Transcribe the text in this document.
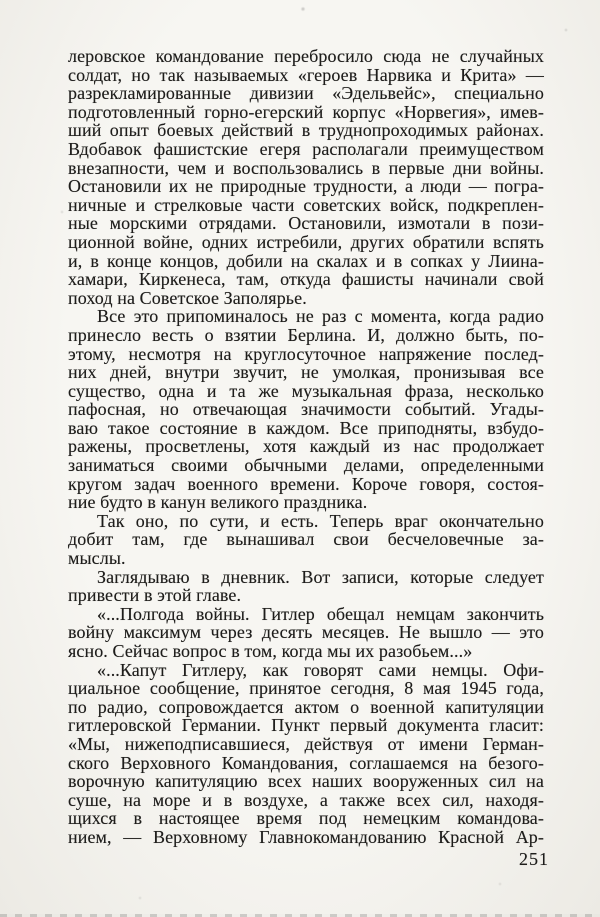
леровское командование перебросило сюда не случайных
солдат, но так называемых «героев Нарвика и Крита» —
разрекламированные дивизии «Эдельвейс», специально
подготовленный горно-егерский корпус «Норвегия», имев-
ший опыт боевых действий в труднопроходимых районах.
Вдобавок фашистские егеря располагали преимуществом
внезапности, чем и воспользовались в первые дни войны.
Остановили их не природные трудности, а люди — погра-
ничные и стрелковые части советских войск, подкреплен-
ные морскими отрядами. Остановили, измотали в пози-
ционной войне, одних истребили, других обратили вспять
и, в конце концов, добили на скалах и в сопках у Лиина-
хамари, Киркенеса, там, откуда фашисты начинали свой
поход на Советское Заполярье.
Все это припоминалось не раз с момента, когда радио
принесло весть о взятии Берлина. И, должно быть, по-
этому, несмотря на круглосуточное напряжение послед-
них дней, внутри звучит, не умолкая, пронизывая все
существо, одна и та же музыкальная фраза, несколько
пафосная, но отвечающая значимости событий. Угады-
ваю такое состояние в каждом. Все приподняты, взбудо-
ражены, просветлены, хотя каждый из нас продолжает
заниматься своими обычными делами, определенными
кругом задач военного времени. Короче говоря, состоя-
ние будто в канун великого праздника.
Так оно, по сути, и есть. Теперь враг окончательно
добит там, где вынашивал свои бесчеловечные за-
мыслы.
Заглядываю в дневник. Вот записи, которые следует
привести в этой главе.
«...Полгода войны. Гитлер обещал немцам закончить
войну максимум через десять месяцев. Не вышло — это
ясно. Сейчас вопрос в том, когда мы их разобьем...»
«...Капут Гитлеру, как говорят сами немцы. Офи-
циальное сообщение, принятое сегодня, 8 мая 1945 года,
по радио, сопровождается актом о военной капитуляции
гитлеровской Германии. Пункт первый документа гласит:
«Мы, нижеподписавшиеся, действуя от имени Герман-
ского Верховного Командования, соглашаемся на безого-
ворочную капитуляцию всех наших вооруженных сил на
суше, на море и в воздухе, а также всех сил, находя-
щихся в настоящее время под немецким командова-
нием, — Верховному Главнокомандованию Красной Ар-
251
